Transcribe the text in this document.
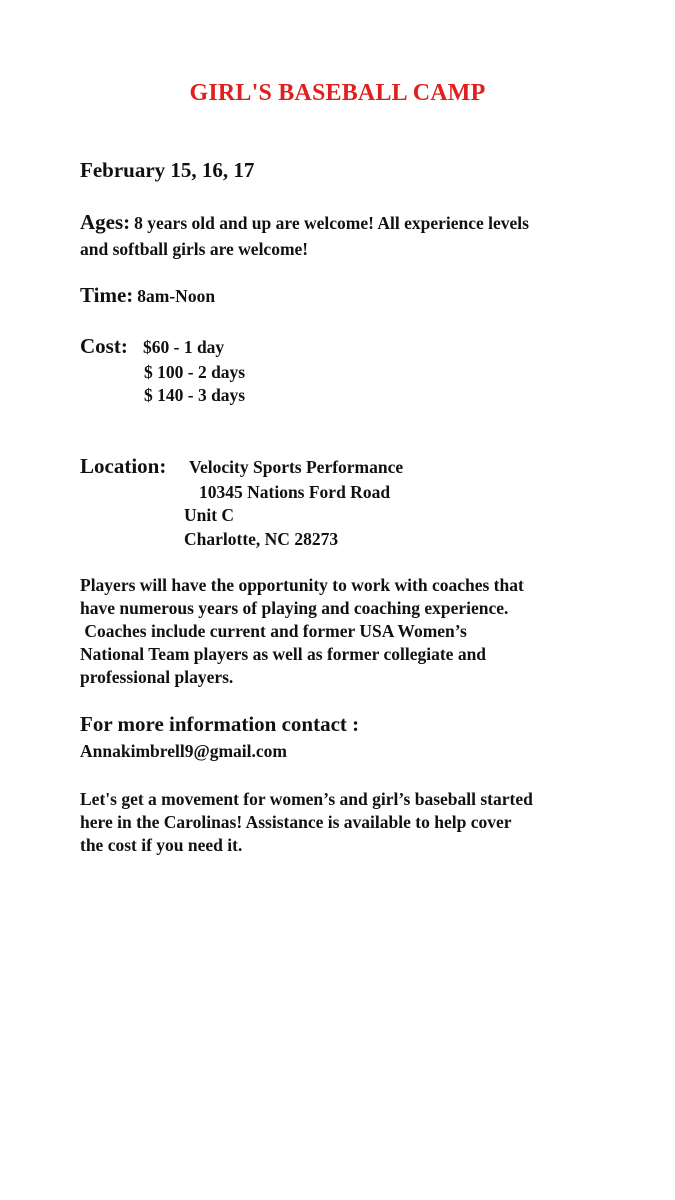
GIRL'S BASEBALL CAMP
February 15, 16, 17
Ages: 8 years old and up are welcome! All experience levels
and softball girls are welcome!
Time: 8am-Noon
Cost: $60 - 1 day
$ 100 - 2 days
$ 140 - 3 days
Location: Velocity Sports Performance
10345 Nations Ford Road
Unit C
Charlotte, NC 28273
Players will have the opportunity to work with coaches that
have numerous years of playing and coaching experience.
Coaches include current and former USA Women’s
National Team players as well as former collegiate and
professional players.
For more information contact :
Annakimbrell9@gmail.com
Let's get a movement for women’s and girl’s baseball started
here in the Carolinas! Assistance is available to help cover
the cost if you need it.
